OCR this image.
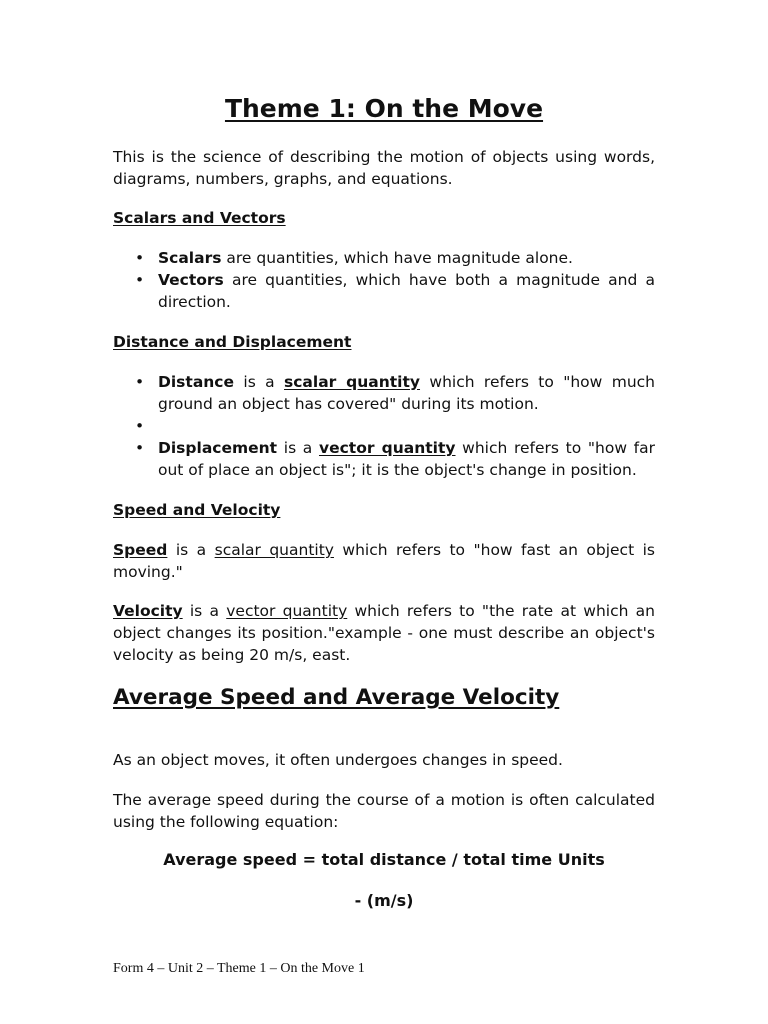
Theme 1: On the Move
This is the science of describing the motion of objects using words, diagrams, numbers, graphs, and equations.
Scalars and Vectors
• Scalars are quantities, which have magnitude alone.
• Vectors are quantities, which have both a magnitude and a direction.
Distance and Displacement
• Distance is a scalar quantity which refers to "how much ground an object has covered" during its motion.
•
• Displacement is a vector quantity which refers to "how far out of place an object is"; it is the object's change in position.
Speed and Velocity
Speed is a scalar quantity which refers to "how fast an object is moving."
Velocity is a vector quantity which refers to "the rate at which an object changes its position."example - one must describe an object's velocity as being 20 m/s, east.
Average Speed and Average Velocity
As an object moves, it often undergoes changes in speed.
The average speed during the course of a motion is often calculated using the following equation:
Average speed = total distance / total time Units
- (m/s)
Form 4 – Unit 2 – Theme 1 – On the Move 1
